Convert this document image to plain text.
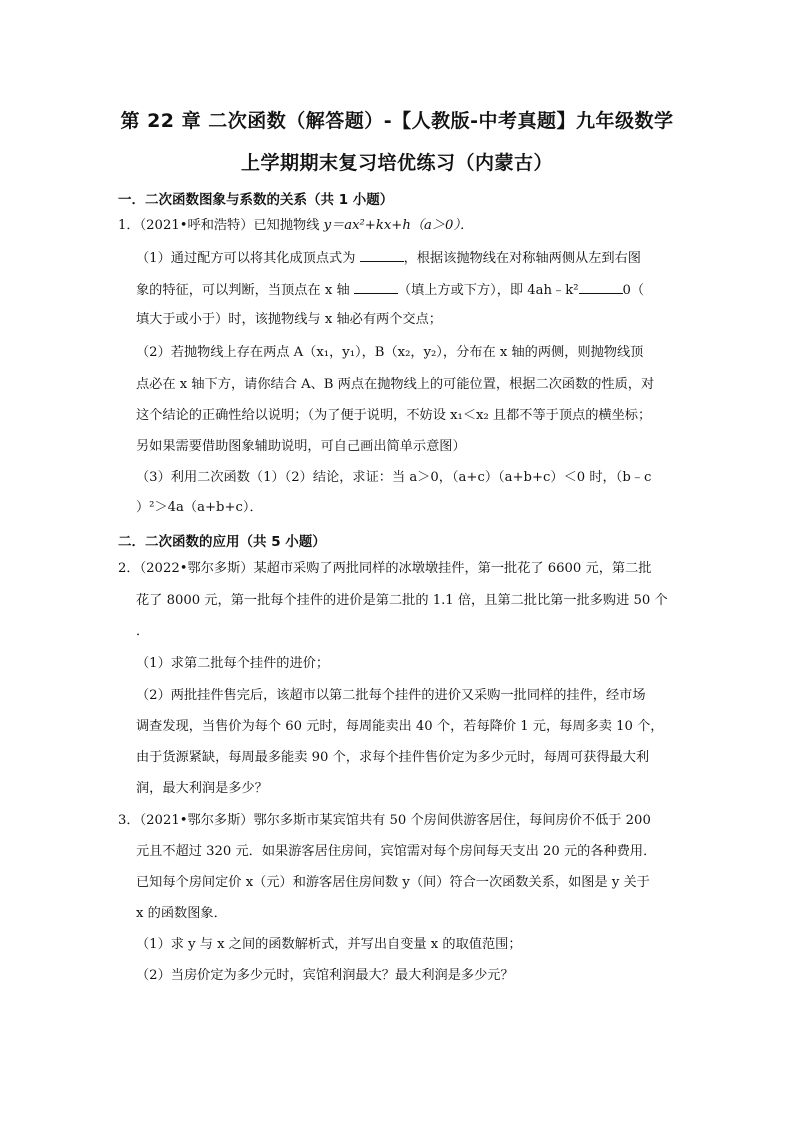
第 22 章 二次函数（解答题）-【人教版-中考真题】九年级数学
上学期期末复习培优练习（内蒙古）
一．二次函数图象与系数的关系（共 1 小题）
1．（2021•呼和浩特）已知抛物线 y＝ax²+kx+h（a＞0）．
（1）通过配方可以将其化成顶点式为	，根据该抛物线在对称轴两侧从左到右图
象的特征，可以判断，当顶点在 x 轴	（填上方或下方），即 4ah﹣k²	0（
填大于或小于）时，该抛物线与 x 轴必有两个交点；
（2）若抛物线上存在两点 A（x₁，y₁），B（x₂，y₂），分布在 x 轴的两侧，则抛物线顶
点必在 x 轴下方，请你结合 A、B 两点在抛物线上的可能位置，根据二次函数的性质，对
这个结论的正确性给以说明；（为了便于说明，不妨设 x₁＜x₂ 且都不等于顶点的横坐标；
另如果需要借助图象辅助说明，可自己画出简单示意图）
（3）利用二次函数（1）（2）结论，求证：当 a＞0，（a+c）（a+b+c）＜0 时，（b﹣c
）²＞4a（a+b+c）．
二．二次函数的应用（共 5 小题）
2．（2022•鄂尔多斯）某超市采购了两批同样的冰墩墩挂件，第一批花了 6600 元，第二批
花了 8000 元，第一批每个挂件的进价是第二批的 1.1 倍，且第二批比第一批多购进 50 个
．
（1）求第二批每个挂件的进价；
（2）两批挂件售完后，该超市以第二批每个挂件的进价又采购一批同样的挂件，经市场
调查发现，当售价为每个 60 元时，每周能卖出 40 个，若每降价 1 元，每周多卖 10 个，
由于货源紧缺，每周最多能卖 90 个，求每个挂件售价定为多少元时，每周可获得最大利
润，最大利润是多少？
3．（2021•鄂尔多斯）鄂尔多斯市某宾馆共有 50 个房间供游客居住，每间房价不低于 200
元且不超过 320 元．如果游客居住房间，宾馆需对每个房间每天支出 20 元的各种费用．
已知每个房间定价 x（元）和游客居住房间数 y（间）符合一次函数关系，如图是 y 关于
x 的函数图象．
（1）求 y 与 x 之间的函数解析式，并写出自变量 x 的取值范围；
（2）当房价定为多少元时，宾馆利润最大？最大利润是多少元？
